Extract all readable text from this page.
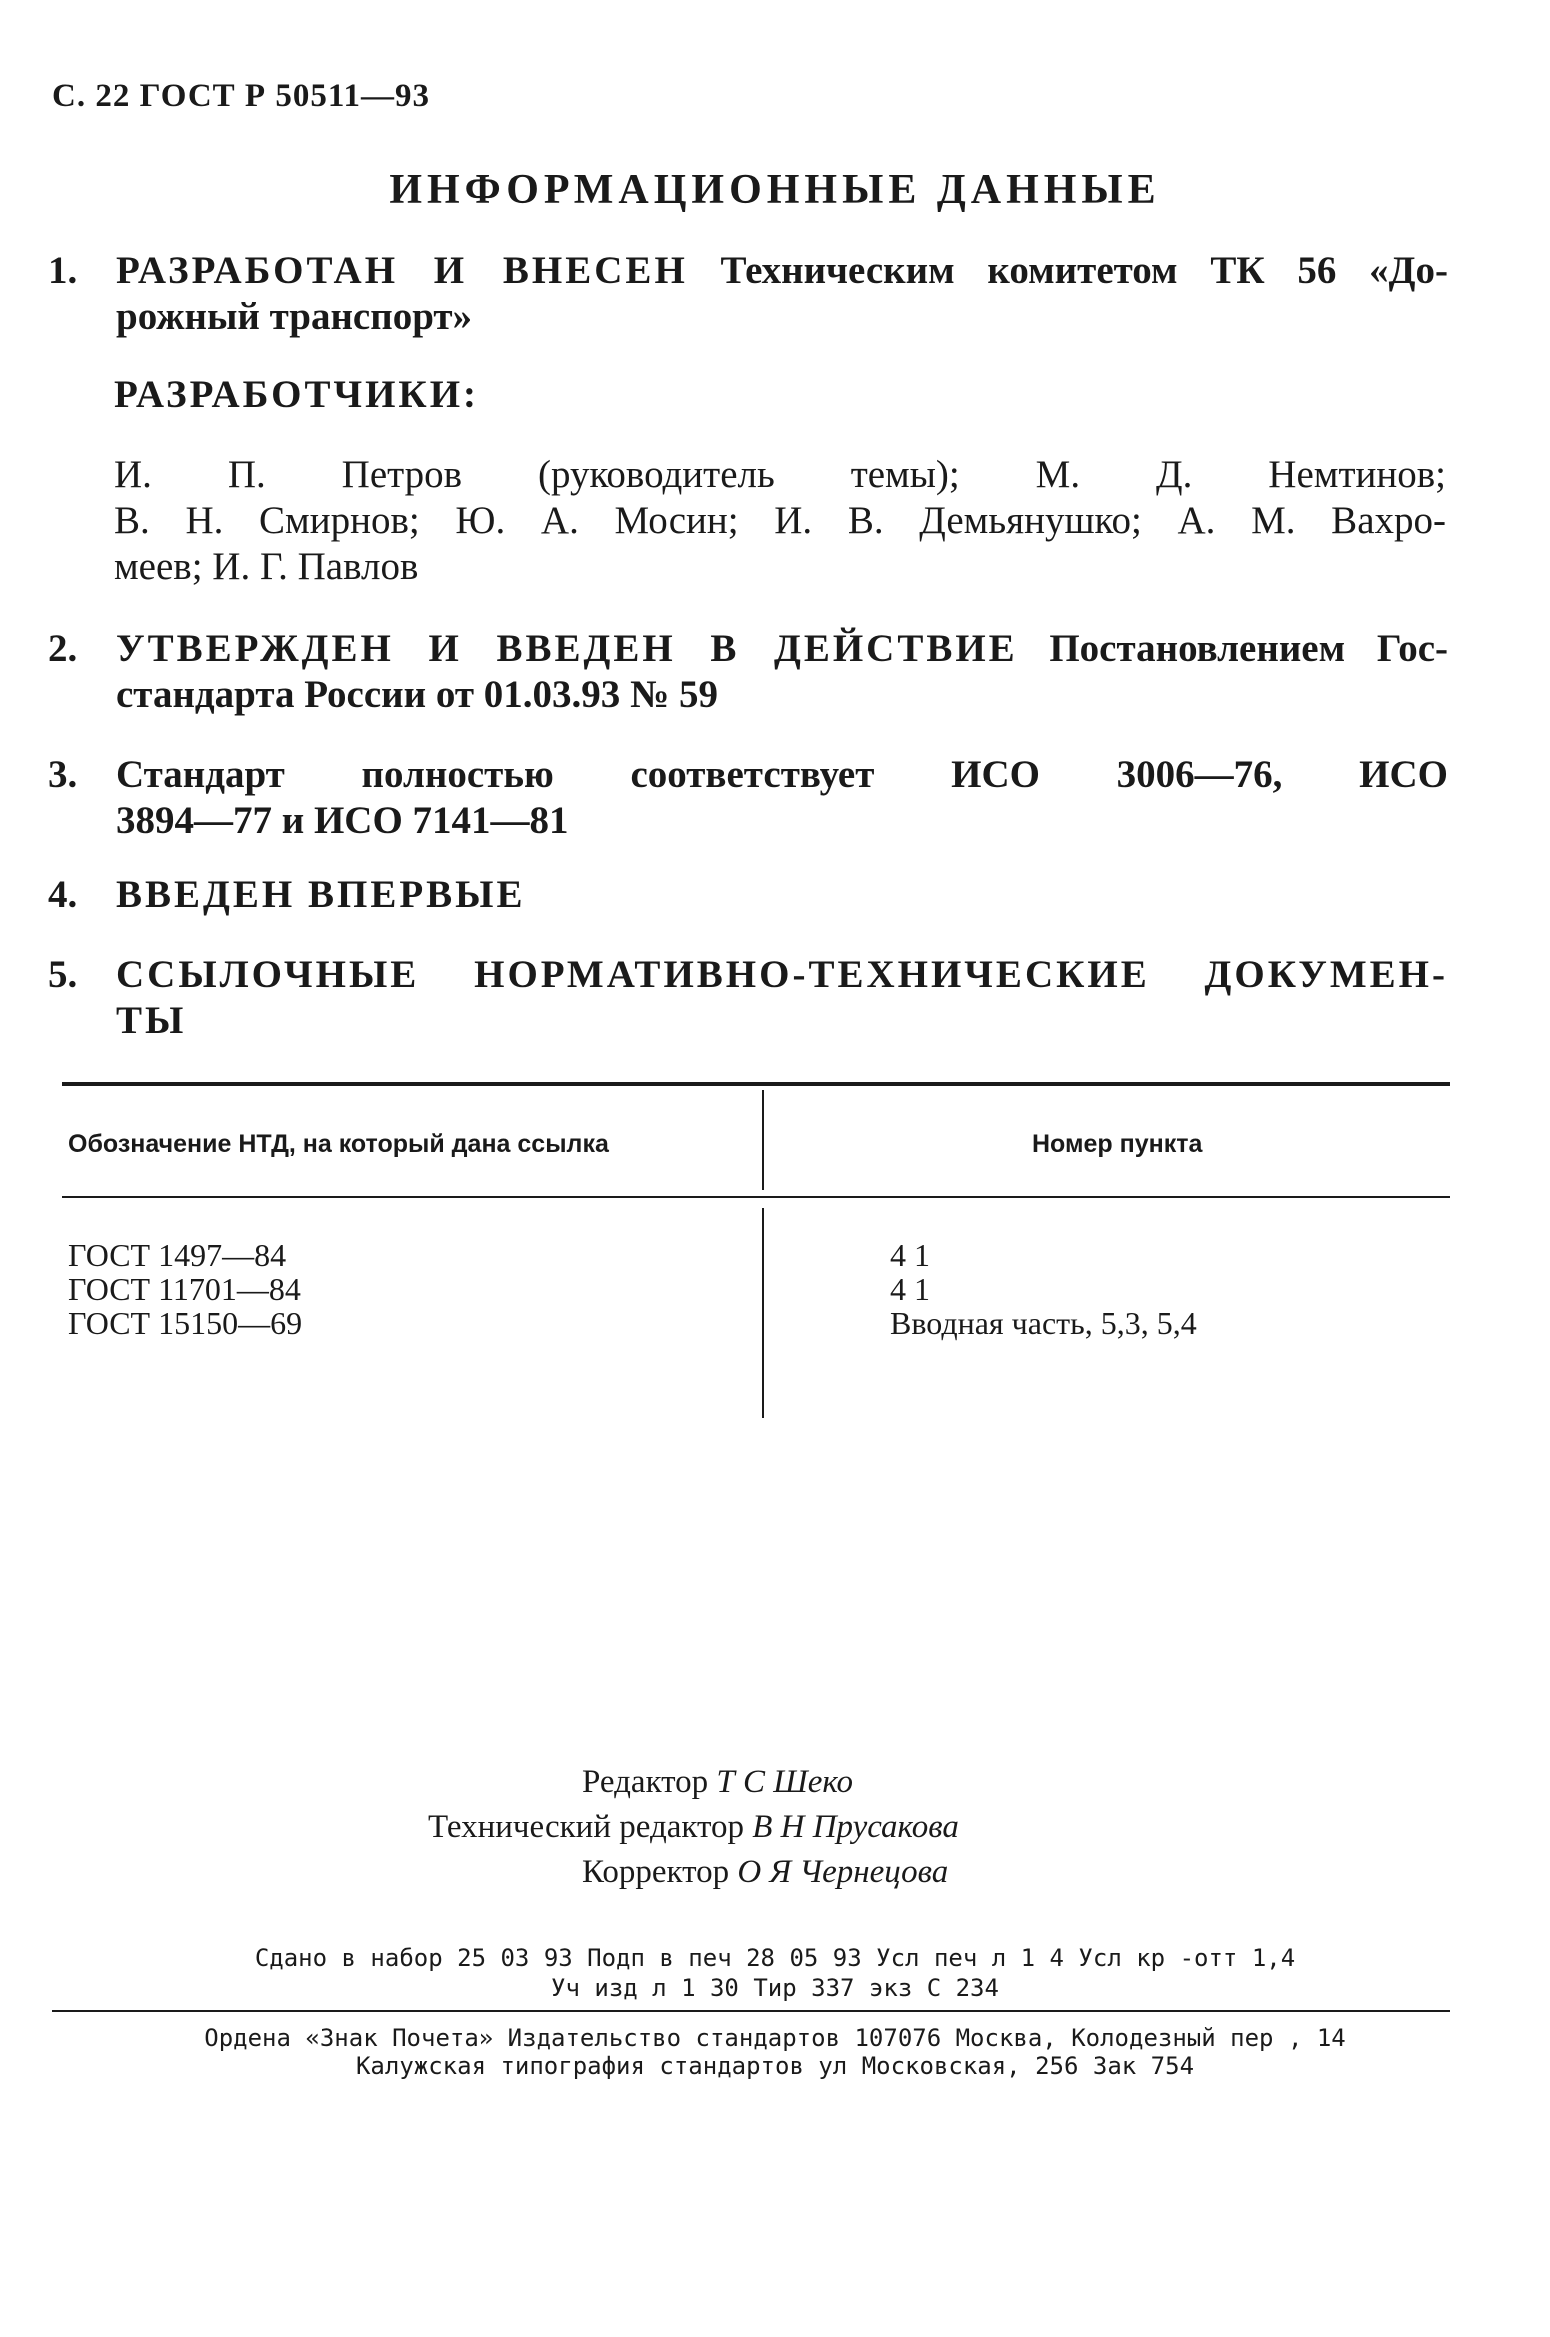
С. 22 ГОСТ Р 50511—93
ИНФОРМАЦИОННЫЕ ДАННЫЕ
1. РАЗРАБОТАН И ВНЕСЕН Техническим комитетом ТК 56 «До-
рожный транспорт»
РАЗРАБОТЧИКИ:
И. П. Петров (руководитель темы); М. Д. Немтинов;
В. Н. Смирнов; Ю. А. Мосин; И. В. Демьянушко; А. М. Вахро-
меев; И. Г. Павлов
2. УТВЕРЖДЕН И ВВЕДЕН В ДЕЙСТВИЕ Постановлением Гос-
стандарта России от 01.03.93 № 59
3. Стандарт полностью соответствует ИСО 3006—76, ИСО
3894—77 и ИСО 7141—81
4. ВВЕДЕН ВПЕРВЫЕ
5. ССЫЛОЧНЫЕ НОРМАТИВНО-ТЕХНИЧЕСКИЕ ДОКУМЕН-
ТЫ
Обозначение НТД, на который дана ссылка	Номер пункта
ГОСТ 1497—84	4 1
ГОСТ 11701—84	4 1
ГОСТ 15150—69	Вводная часть, 5,3, 5,4
Редактор Т С Шеко
Технический редактор В Н Прусакова
Корректор О Я Чернецова
Сдано в набор 25 03 93 Подп в печ 28 05 93 Усл печ л 1 4 Усл кр -отт 1,4
Уч изд л 1 30 Тир 337 экз С 234
Ордена «Знак Почета» Издательство стандартов 107076 Москва, Колодезный пер , 14
Калужская типография стандартов ул Московская, 256 Зак 754
